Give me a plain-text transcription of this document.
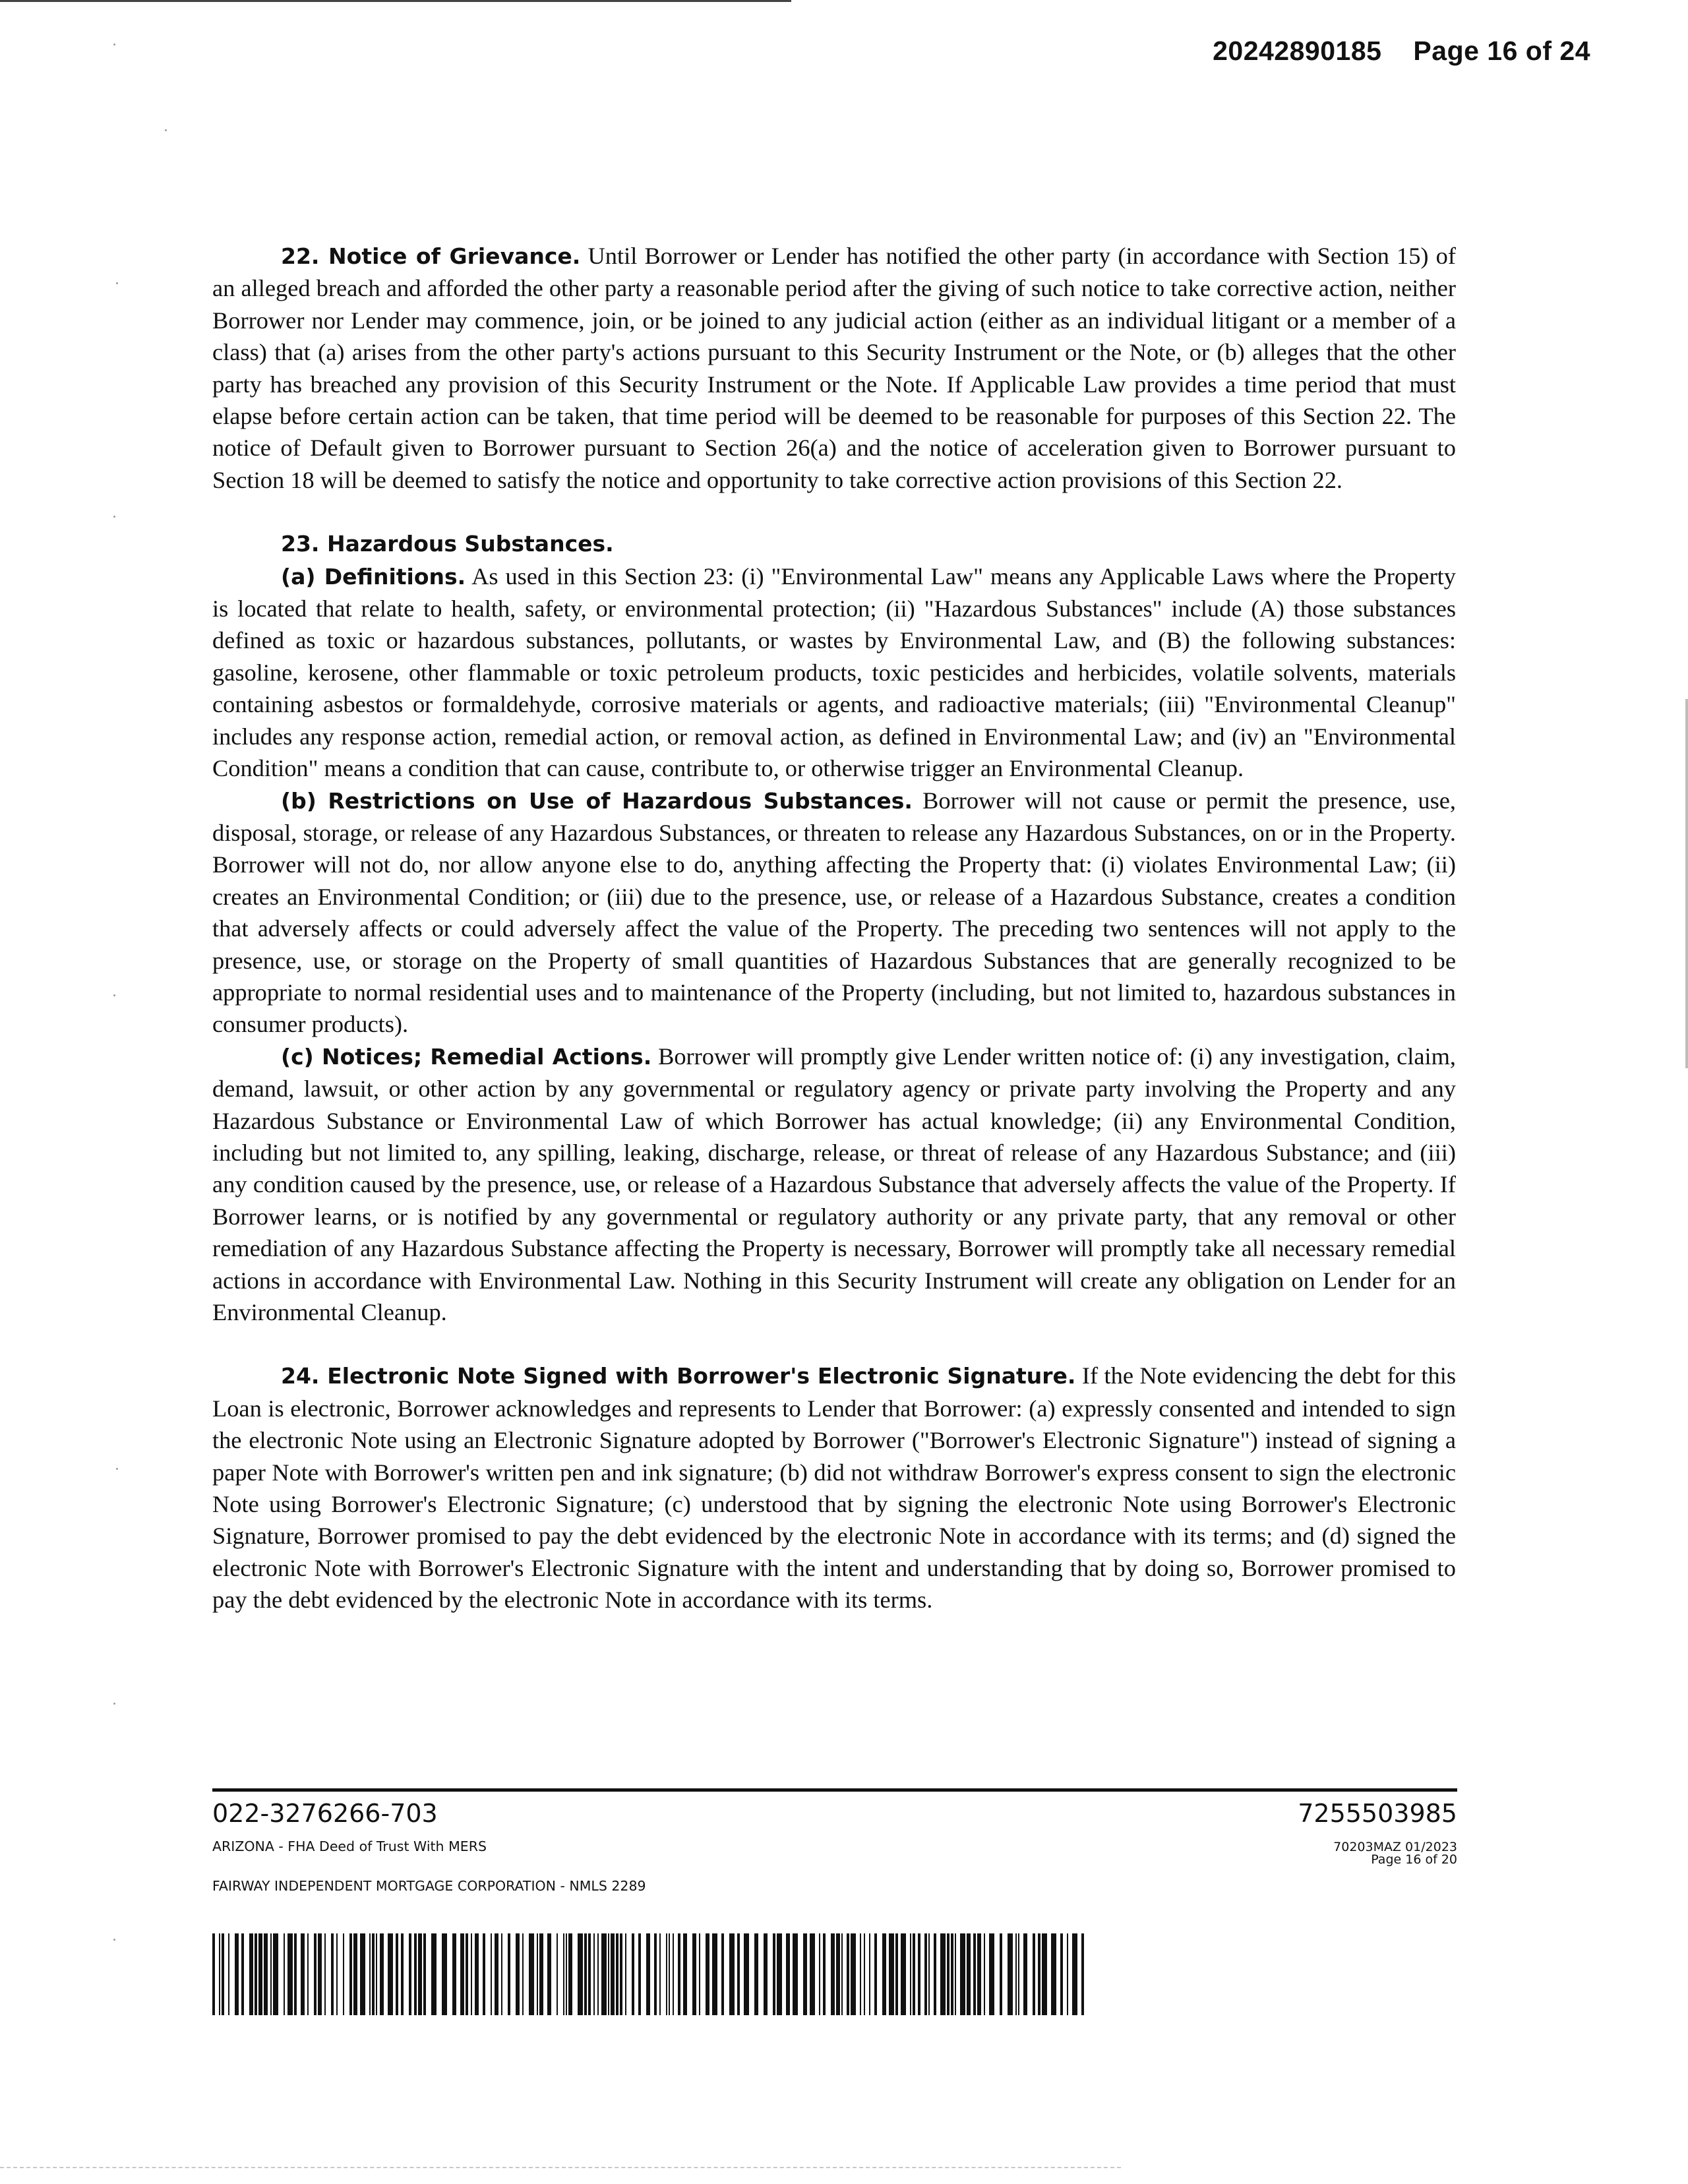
20242890185 Page 16 of 24

22. Notice of Grievance. Until Borrower or Lender has notified the other party (in accordance with Section 15) of an alleged breach and afforded the other party a reasonable period after the giving of such notice to take corrective action, neither Borrower nor Lender may commence, join, or be joined to any judicial action (either as an individual litigant or a member of a class) that (a) arises from the other party's actions pursuant to this Security Instrument or the Note, or (b) alleges that the other party has breached any provision of this Security Instrument or the Note. If Applicable Law provides a time period that must elapse before certain action can be taken, that time period will be deemed to be reasonable for purposes of this Section 22. The notice of Default given to Borrower pursuant to Section 26(a) and the notice of acceleration given to Borrower pursuant to Section 18 will be deemed to satisfy the notice and opportunity to take corrective action provisions of this Section 22.

23. Hazardous Substances.

(a) Definitions. As used in this Section 23: (i) "Environmental Law" means any Applicable Laws where the Property is located that relate to health, safety, or environmental protection; (ii) "Hazardous Substances" include (A) those substances defined as toxic or hazardous substances, pollutants, or wastes by Environmental Law, and (B) the following substances: gasoline, kerosene, other flammable or toxic petroleum products, toxic pesticides and herbicides, volatile solvents, materials containing asbestos or formaldehyde, corrosive materials or agents, and radioactive materials; (iii) "Environmental Cleanup" includes any response action, remedial action, or removal action, as defined in Environmental Law; and (iv) an "Environmental Condition" means a condition that can cause, contribute to, or otherwise trigger an Environmental Cleanup.

(b) Restrictions on Use of Hazardous Substances. Borrower will not cause or permit the presence, use, disposal, storage, or release of any Hazardous Substances, or threaten to release any Hazardous Substances, on or in the Property. Borrower will not do, nor allow anyone else to do, anything affecting the Property that: (i) violates Environmental Law; (ii) creates an Environmental Condition; or (iii) due to the presence, use, or release of a Hazardous Substance, creates a condition that adversely affects or could adversely affect the value of the Property. The preceding two sentences will not apply to the presence, use, or storage on the Property of small quantities of Hazardous Substances that are generally recognized to be appropriate to normal residential uses and to maintenance of the Property (including, but not limited to, hazardous substances in consumer products).

(c) Notices; Remedial Actions. Borrower will promptly give Lender written notice of: (i) any investigation, claim, demand, lawsuit, or other action by any governmental or regulatory agency or private party involving the Property and any Hazardous Substance or Environmental Law of which Borrower has actual knowledge; (ii) any Environmental Condition, including but not limited to, any spilling, leaking, discharge, release, or threat of release of any Hazardous Substance; and (iii) any condition caused by the presence, use, or release of a Hazardous Substance that adversely affects the value of the Property. If Borrower learns, or is notified by any governmental or regulatory authority or any private party, that any removal or other remediation of any Hazardous Substance affecting the Property is necessary, Borrower will promptly take all necessary remedial actions in accordance with Environmental Law. Nothing in this Security Instrument will create any obligation on Lender for an Environmental Cleanup.

24. Electronic Note Signed with Borrower's Electronic Signature. If the Note evidencing the debt for this Loan is electronic, Borrower acknowledges and represents to Lender that Borrower: (a) expressly consented and intended to sign the electronic Note using an Electronic Signature adopted by Borrower ("Borrower's Electronic Signature") instead of signing a paper Note with Borrower's written pen and ink signature; (b) did not withdraw Borrower's express consent to sign the electronic Note using Borrower's Electronic Signature; (c) understood that by signing the electronic Note using Borrower's Electronic Signature, Borrower promised to pay the debt evidenced by the electronic Note in accordance with its terms; and (d) signed the electronic Note with Borrower's Electronic Signature with the intent and understanding that by doing so, Borrower promised to pay the debt evidenced by the electronic Note in accordance with its terms.

022-3276266-703
ARIZONA - FHA Deed of Trust With MERS
FAIRWAY INDEPENDENT MORTGAGE CORPORATION - NMLS 2289
7255503985
70203MAZ 01/2023
Page 16 of 20
